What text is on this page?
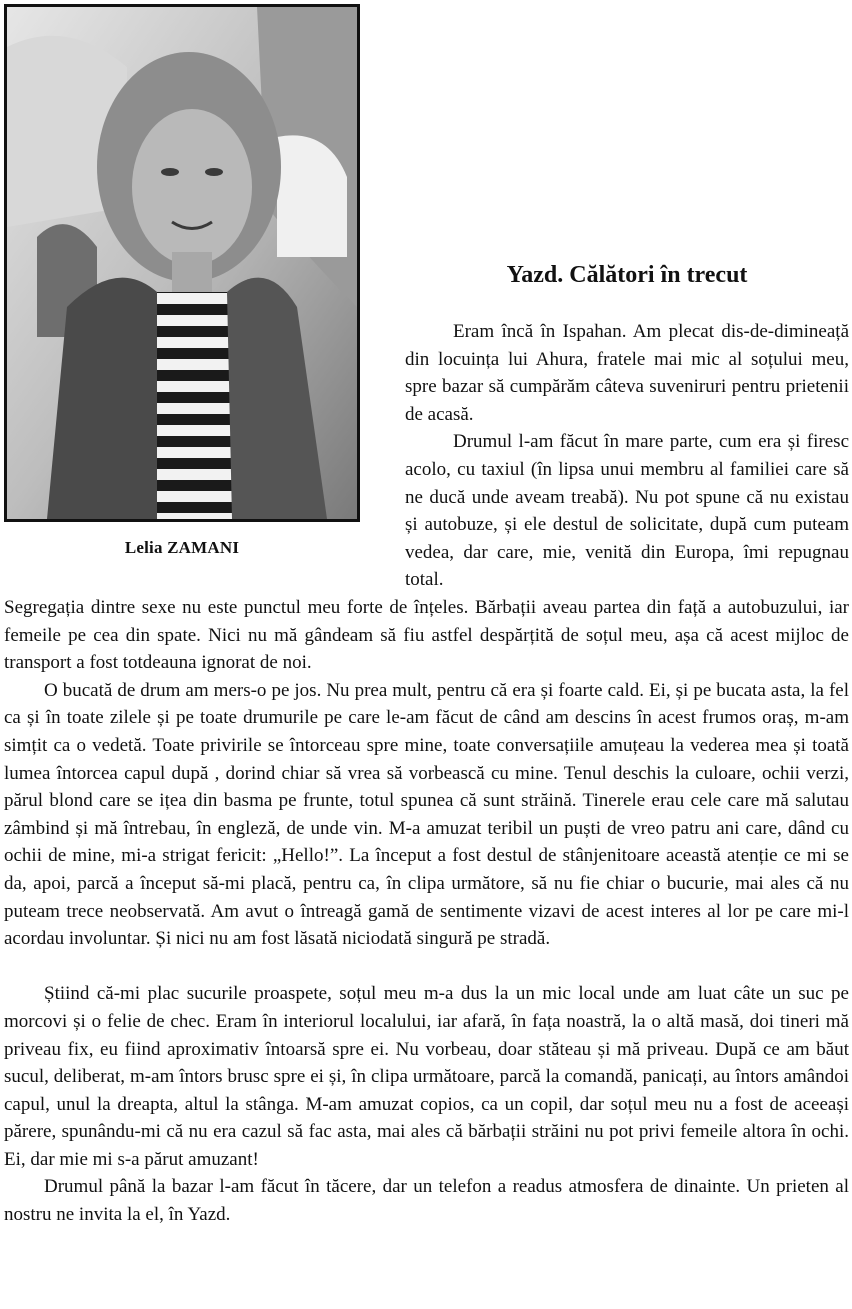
Lelia ZAMANI
Yazd. Călători în trecut

Eram încă în Ispahan. Am plecat dis-de-dimineață din locuința lui Ahura, fratele mai mic al soțului meu, spre bazar să cumpărăm câteva suveniruri pentru prietenii de acasă.

Drumul l-am făcut în mare parte, cum era și firesc acolo, cu taxiul (în lipsa unui membru al familiei care să ne ducă unde aveam treabă). Nu pot spune că nu existau și autobuze, și ele destul de solicitate, după cum puteam vedea, dar care, mie, venită din Europa, îmi repugnau total.

Segregația dintre sexe nu este punctul meu forte de înțeles. Bărbații aveau partea din față a autobuzului, iar femeile pe cea din spate. Nici nu mă gândeam să fiu astfel despărțită de soțul meu, așa că acest mijloc de transport a fost totdeauna ignorat de noi.

O bucată de drum am mers-o pe jos. Nu prea mult, pentru că era și foarte cald. Ei, și pe bucata asta, la fel ca și în toate zilele și pe toate drumurile pe care le-am făcut de când am descins în acest frumos oraș, m-am simțit ca o vedetă. Toate privirile se întorceau spre mine, toate conversațiile amuțeau la vederea mea și toată lumea întorcea capul după , dorind chiar să vrea să vorbească cu mine. Tenul deschis la culoare, ochii verzi, părul blond care se ițea din basma pe frunte, totul spunea că sunt străină. Tinerele erau cele care mă salutau zâmbind și mă întrebau, în engleză, de unde vin. M-a amuzat teribil un puști de vreo patru ani care, dând cu ochii de mine, mi-a strigat fericit: „Hello!”. La început a fost destul de stânjenitoare această atenție ce mi se da, apoi, parcă a început să-mi placă, pentru ca, în clipa următore, să nu fie chiar o bucurie, mai ales că nu puteam trece neobservată. Am avut o întreagă gamă de sentimente vizavi de acest interes al lor pe care mi-l acordau involuntar. Și nici nu am fost lăsată niciodată singură pe stradă.

Știind că-mi plac sucurile proaspete, soțul meu m-a dus la un mic local unde am luat câte un suc pe morcovi și o felie de chec. Eram în interiorul localului, iar afară, în fața noastră, la o altă masă, doi tineri mă priveau fix, eu fiind aproximativ întoarsă spre ei. Nu vorbeau, doar stăteau și mă priveau. După ce am băut sucul, deliberat, m-am întors brusc spre ei și, în clipa următoare, parcă la comandă, panicați, au întors amândoi capul, unul la dreapta, altul la stânga. M-am amuzat copios, ca un copil, dar soțul meu nu a fost de aceeași părere, spunându-mi că nu era cazul să fac asta, mai ales că bărbații străini nu pot privi femeile altora în ochi. Ei, dar mie mi s-a părut amuzant!

Drumul până la bazar l-am făcut în tăcere, dar un telefon a readus atmosfera de dinainte. Un prieten al nostru ne invita la el, în Yazd.
